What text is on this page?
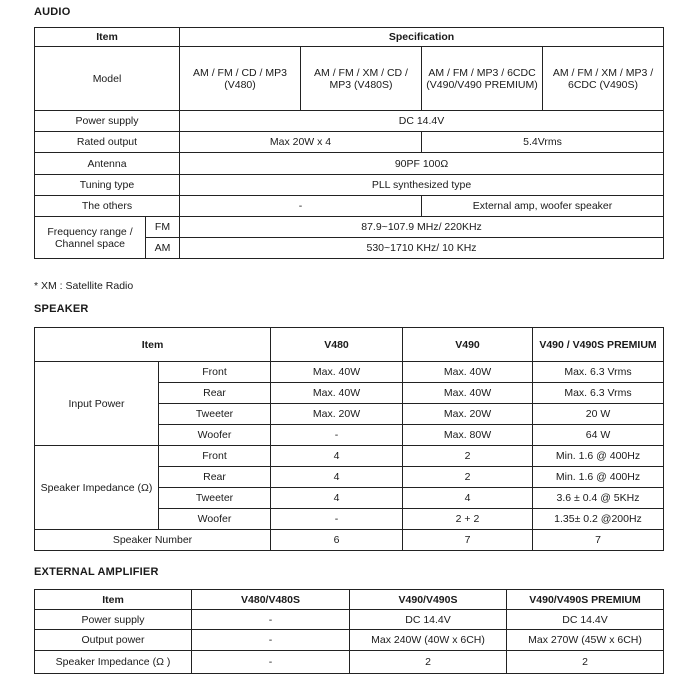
AUDIO
Item		Specification			
Model		AM / FM / CD / MP3 (V480)	AM / FM / XM / CD / MP3 (V480S)	AM / FM / MP3 / 6CDC (V490/V490 PREMIUM)	AM / FM / XM / MP3 / 6CDC (V490S)
Power supply		DC 14.4V			
Rated output		Max 20W x 4		5.4Vrms	
Antenna		90PF 100Ω			
Tuning type		PLL synthesized type			
The others		-		External amp, woofer speaker	
Frequency range / Channel space	FM	87.9~107.9 MHz/ 220KHz			
	AM	530~1710 KHz/ 10 KHz			
* XM : Satellite Radio
SPEAKER
Item		V480	V490	V490 / V490S PREMIUM
Input Power	Front	Max. 40W	Max. 40W	Max. 6.3 Vrms
	Rear	Max. 40W	Max. 40W	Max. 6.3 Vrms
	Tweeter	Max. 20W	Max. 20W	20 W
	Woofer	-	Max. 80W	64 W
Speaker Impedance (Ω)	Front	4	2	Min. 1.6 @ 400Hz
	Rear	4	2	Min. 1.6 @ 400Hz
	Tweeter	4	4	3.6 ± 0.4 @ 5KHz
	Woofer	-	2 + 2	1.35± 0.2 @200Hz
Speaker Number		6	7	7
EXTERNAL AMPLIFIER
Item	V480/V480S	V490/V490S	V490/V490S PREMIUM
Power supply	-	DC 14.4V	DC 14.4V
Output power	-	Max 240W (40W x 6CH)	Max 270W (45W x 6CH)
Speaker Impedance (Ω )	-	2	2
